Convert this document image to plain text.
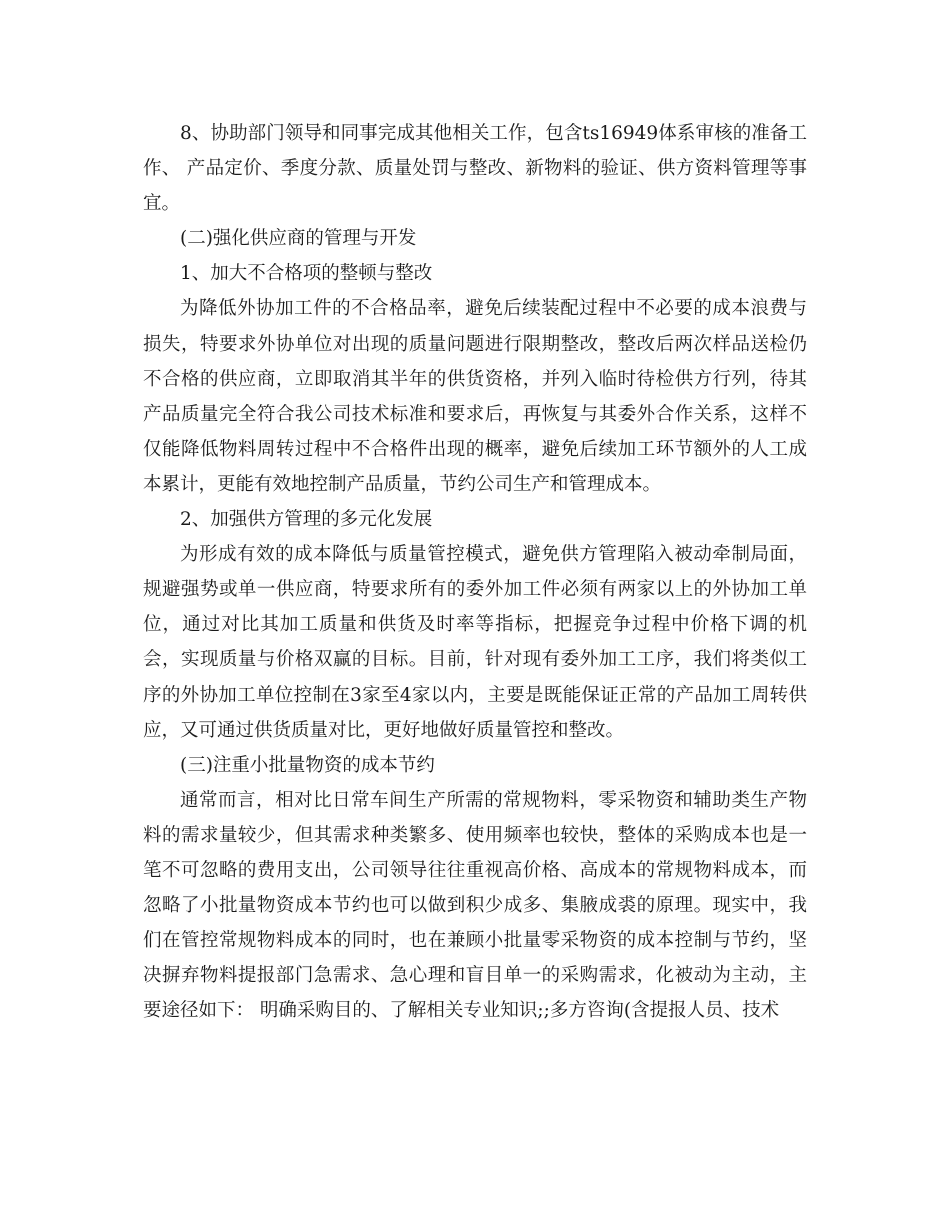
8、协助部门领导和同事完成其他相关工作，包含ts16949体系审核的准备工作、 产品定价、季度分款、质量处罚与整改、新物料的验证、供方资料管理等事宜。

(二)强化供应商的管理与开发

1、加大不合格项的整顿与整改

为降低外协加工件的不合格品率，避免后续装配过程中不必要的成本浪费与损失，特要求外协单位对出现的质量问题进行限期整改，整改后两次样品送检仍不合格的供应商，立即取消其半年的供货资格，并列入临时待检供方行列，待其产品质量完全符合我公司技术标准和要求后，再恢复与其委外合作关系，这样不仅能降低物料周转过程中不合格件出现的概率，避免后续加工环节额外的人工成本累计，更能有效地控制产品质量，节约公司生产和管理成本。

2、加强供方管理的多元化发展

为形成有效的成本降低与质量管控模式，避免供方管理陷入被动牵制局面，规避强势或单一供应商，特要求所有的委外加工件必须有两家以上的外协加工单位，通过对比其加工质量和供货及时率等指标，把握竞争过程中价格下调的机会，实现质量与价格双赢的目标。目前，针对现有委外加工工序，我们将类似工序的外协加工单位控制在3家至4家以内，主要是既能保证正常的产品加工周转供应，又可通过供货质量对比，更好地做好质量管控和整改。

(三)注重小批量物资的成本节约

通常而言，相对比日常车间生产所需的常规物料，零采物资和辅助类生产物料的需求量较少，但其需求种类繁多、使用频率也较快，整体的采购成本也是一笔不可忽略的费用支出，公司领导往往重视高价格、高成本的常规物料成本，而忽略了小批量物资成本节约也可以做到积少成多、集腋成裘的原理。现实中，我们在管控常规物料成本的同时，也在兼顾小批量零采物资的成本控制与节约，坚决摒弃物料提报部门急需求、急心理和盲目单一的采购需求，化被动为主动，主要途径如下： 明确采购目的、了解相关专业知识;;多方咨询(含提报人员、技术
